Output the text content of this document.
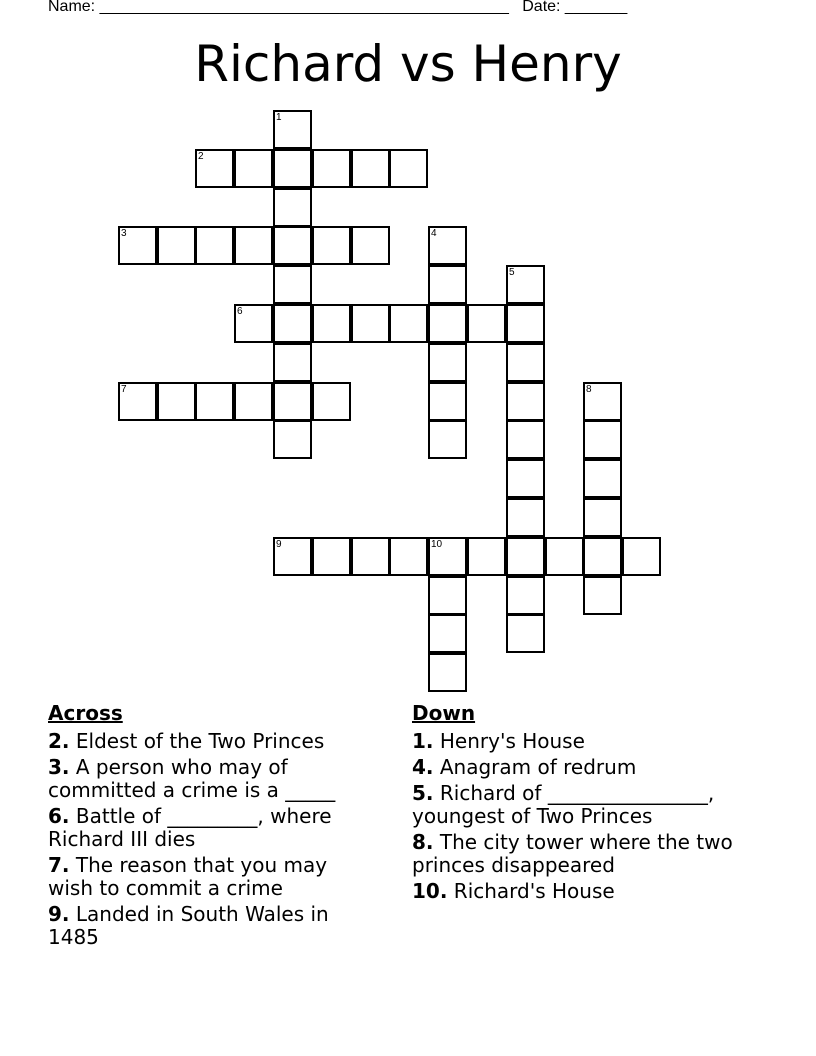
Name: ______________________________________________   Date: _______
Richard vs Henry
1
2
3	4
5
6
7	8
9	10
Across
2. Eldest of the Two Princes
3. A person who may of committed a crime is a _____
6. Battle of _________, where Richard III dies
7. The reason that you may wish to commit a crime
9. Landed in South Wales in 1485
Down
1. Henry's House
4. Anagram of redrum
5. Richard of ________________, youngest of Two Princes
8. The city tower where the two princes disappeared
10. Richard's House
